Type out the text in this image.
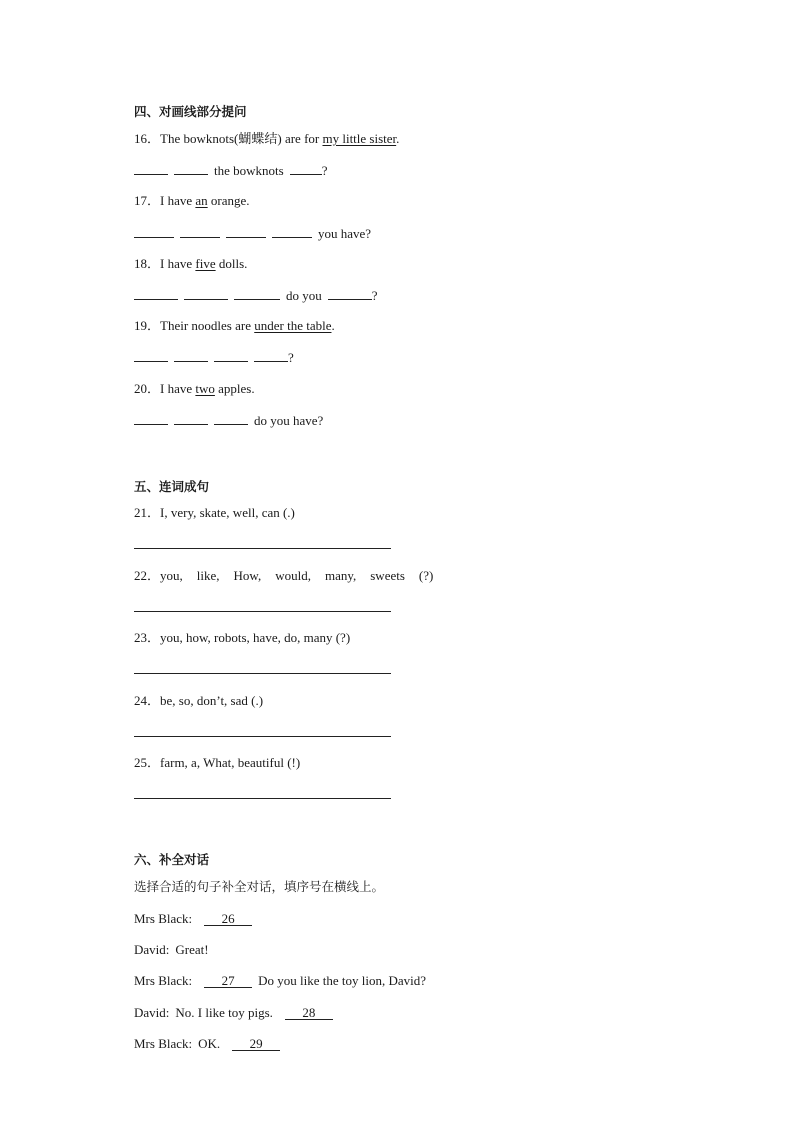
四、对画线部分提问
16．The bowknots(蝴蝶结) are for my little sister.
the bowknots	?
17．I have an orange.
you have?
18．I have five dolls.
do you	?
19．Their noodles are under the table.
?
20．I have two apples.
do you have?
五、连词成句
21．I, very, skate, well, can (.)
22．you, like, How, would, many, sweets (?)
23．you, how, robots, have, do, many (?)
24．be, so, don’t, sad (.)
25．farm, a, What, beautiful (!)
六、补全对话
选择合适的句子补全对话，填序号在横线上。
Mrs Black: 26
David: Great!
Mrs Black: 27 Do you like the toy lion, David?
David: No. I like toy pigs. 28
Mrs Black: OK. 29
